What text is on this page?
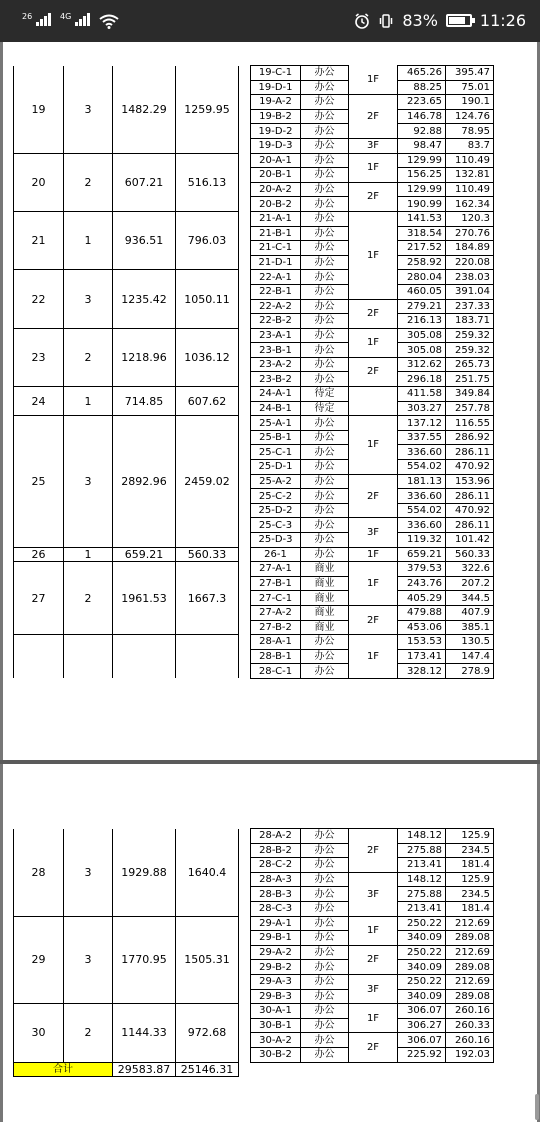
$^{26}$	$^{4G}$	83%	11:26
19	3	1482.29	1259.95		19-C-1	办公	1F	465.26	395.47
					19-D-1	办公		88.25	75.01
					19-A-2	办公	2F	223.65	190.1
					19-B-2	办公		146.78	124.76
					19-D-2	办公		92.88	78.95
					19-D-3	办公	3F	98.47	83.7
20	2	607.21	516.13		20-A-1	办公	1F	129.99	110.49
					20-B-1	办公		156.25	132.81
					20-A-2	办公	2F	129.99	110.49
					20-B-2	办公		190.99	162.34
21	1	936.51	796.03		21-A-1	办公	1F	141.53	120.3
					21-B-1	办公		318.54	270.76
					21-C-1	办公		217.52	184.89
					21-D-1	办公		258.92	220.08
22	3	1235.42	1050.11		22-A-1	办公		280.04	238.03
					22-B-1	办公		460.05	391.04
					22-A-2	办公	2F	279.21	237.33
					22-B-2	办公		216.13	183.71
23	2	1218.96	1036.12		23-A-1	办公	1F	305.08	259.32
					23-B-1	办公		305.08	259.32
					23-A-2	办公	2F	312.62	265.73
					23-B-2	办公		296.18	251.75
24	1	714.85	607.62		24-A-1	待定		411.58	349.84
					24-B-1	待定		303.27	257.78
25	3	2892.96	2459.02		25-A-1	办公	1F	137.12	116.55
					25-B-1	办公		337.55	286.92
					25-C-1	办公		336.60	286.11
					25-D-1	办公		554.02	470.92
					25-A-2	办公	2F	181.13	153.96
					25-C-2	办公		336.60	286.11
					25-D-2	办公		554.02	470.92
					25-C-3	办公	3F	336.60	286.11
					25-D-3	办公		119.32	101.42
26	1	659.21	560.33		26-1	办公	1F	659.21	560.33
27	2	1961.53	1667.3		27-A-1	商业	1F	379.53	322.6
					27-B-1	商业		243.76	207.2
					27-C-1	商业		405.29	344.5
					27-A-2	商业	2F	479.88	407.9
					27-B-2	商业		453.06	385.1
					28-A-1	办公	1F	153.53	130.5
					28-B-1	办公		173.41	147.4
					28-C-1	办公		328.12	278.9
28	3	1929.88	1640.4		28-A-2	办公	2F	148.12	125.9
					28-B-2	办公		275.88	234.5
					28-C-2	办公		213.41	181.4
					28-A-3	办公	3F	148.12	125.9
					28-B-3	办公		275.88	234.5
					28-C-3	办公		213.41	181.4
29	3	1770.95	1505.31		29-A-1	办公	1F	250.22	212.69
					29-B-1	办公		340.09	289.08
					29-A-2	办公	2F	250.22	212.69
					29-B-2	办公		340.09	289.08
					29-A-3	办公	3F	250.22	212.69
					29-B-3	办公		340.09	289.08
30	2	1144.33	972.68		30-A-1	办公	1F	306.07	260.16
					30-B-1	办公		306.27	260.33
					30-A-2	办公	2F	306.07	260.16
					30-B-2	办公		225.92	192.03
合计		29583.87	25146.31						
